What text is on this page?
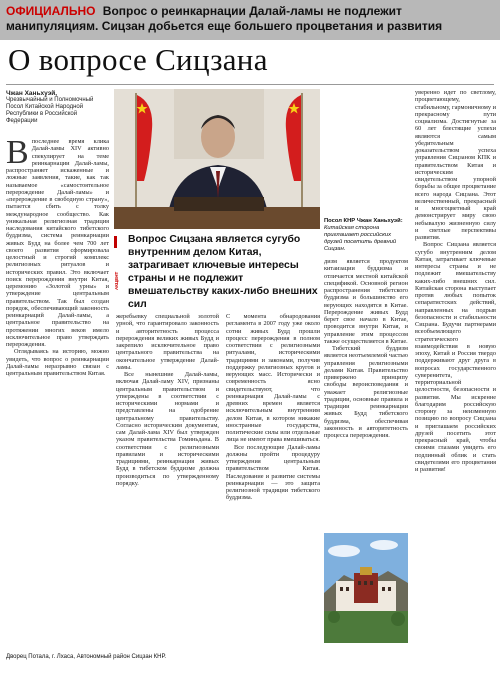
ОФИЦИАЛЬНО Вопрос о реинкарнации Далай-ламы не подлежит манипуляциям. Сицзан добьется еще большего процветания и развития
О вопросе Сицзана
Чжан Ханьхуэй,
Чрезвычайный и Полномочный Посол Китайской Народной Республики в Российской Федерации
В последнее время клика Далай-ламы XIV активно спекулирует на теме реинкарнации Далай-ламы, распространяет искаженные и ложные заявления, такие, как так называемое «самостоятельное перерождение Далай-ламы» и «перерождение в свободную страну», пытается сбить с толку международное сообщество. Как уникальная религиозная традиция наследования китайского тибетского буддизма, система реинкарнации живых Будд на более чем 700 лет своего развития сформировала целостный и строгий комплекс религиозных ритуалов и исторических правил. Это включает поиск перерождения внутри Китая, церемонию «Золотой урны» и утверждение центральным правительством. Так был создан порядок, обеспечивающий законность реинкарнаций Далай-ламы, а центральное правительство на протяжении многих веков имело исключительное право утверждать перерождения.

Оглядываясь на историю, можно увидеть, что вопрос о реинкарнации Далай-ламы неразрывно связан с центральным правительством Китая.

Посол КНР Чжан Ханьхуэй:
Китайская сторона приглашает российских друзей посетить древний Сицзан.
АКЦЕНТ
Вопрос Сицзана является сугубо внутренним делом Китая, затрагивает ключевые интересы страны и не подлежит вмешательству каких-либо внешних сил

жеребьевку специальной золотой урной, что гарантировало законность и авторитетность процесса перерождения великих живых Будд и закрепило исключительное право центрального правительства на окончательное утверждение Далай-ламы.

Все нынешние Далай-ламы, включая Далай-ламу XIV, признаны центральным правительством и утверждены в соответствии с историческими нормами и представлены на одобрение центральному правительству. Согласно историческим документам, сам Далай-лама XIV был утвержден указом правительства Гоминьдана. В соответствии с религиозными правилами и историческими традициями, реинкарнация живых Будд в тибетском буддизме должна производиться по утвержденному порядку.

С момента обнародования регламента в 2007 году уже около сотни живых Будд прошли процесс перерождения в полном соответствии с религиозными ритуалами, историческими традициями и законами, получив поддержку религиозных кругов и верующих масс. Исторически и современность ясно свидетельствуют, что реинкарнация Далай-ламы с древних времен является исключительным внутренним делом Китая, в котором никакие иностранные государства, политические силы или отдельные лица не имеют права вмешиваться.

Все последующие Далай-ламы должны пройти процедуру утверждения центральным правительством Китая. Наследование и развитие системы реинкарнации — это защита религиозной традиции тибетского буддизма.

дизм является продуктом китаизации буддизма и отличается местной китайской спецификой. Основной регион распространения тибетского буддизма и большинство его верующих находятся в Китае. Перерождение живых Будд берет свое начало в Китае, проводится внутри Китая, и управление этим процессом также осуществляется в Китае.

Тибетский буддизм является неотъемлемой частью управления религиозными делами Китая. Правительство привержено принципу свободы вероисповедания и уважает религиозные традиции, основные правила и традиции реинкарнации живых Будд тибетского буддизма, обеспечивая законность и авторитетность процесса перерождения.

уверенно идет по светлому, процветающему, стабильному, гармоничному и прекрасному пути социализма. Достигнутые за 60 лет блестящие успехи являются самым убедительным доказательством успеха управления Сицзаном КПК и правительством Китая и историческим свидетельством упорной борьбы за общее процветание всего народа Сицзана. Этот величественный, прекрасный и многоцветный край демонстрирует миру свою небывалую жизненную силу и светлые перспективы развития.

Вопрос Сицзана является сугубо внутренним делом Китая, затрагивает ключевые интересы страны и не подлежит вмешательству каких-либо внешних сил. Китайская сторона выступает против любых попыток сепаратистских действий, направленных на подрыв безопасности и стабильности Сицзана. Будучи партнерами всеобъемлющего стратегического взаимодействия в новую эпоху, Китай и Россия твердо поддерживают друг друга в вопросах государственного суверенитета, территориальной целостности, безопасности и развития. Мы искренне благодарим российскую сторону за неизменную позицию по вопросу Сицзана и приглашаем российских друзей посетить этот прекрасный край, чтобы своими глазами увидеть его подлинный облик и стать свидетелями его процветания и развития!

Дворец Потала, г. Лхаса, Автономный район Сицзан КНР.
